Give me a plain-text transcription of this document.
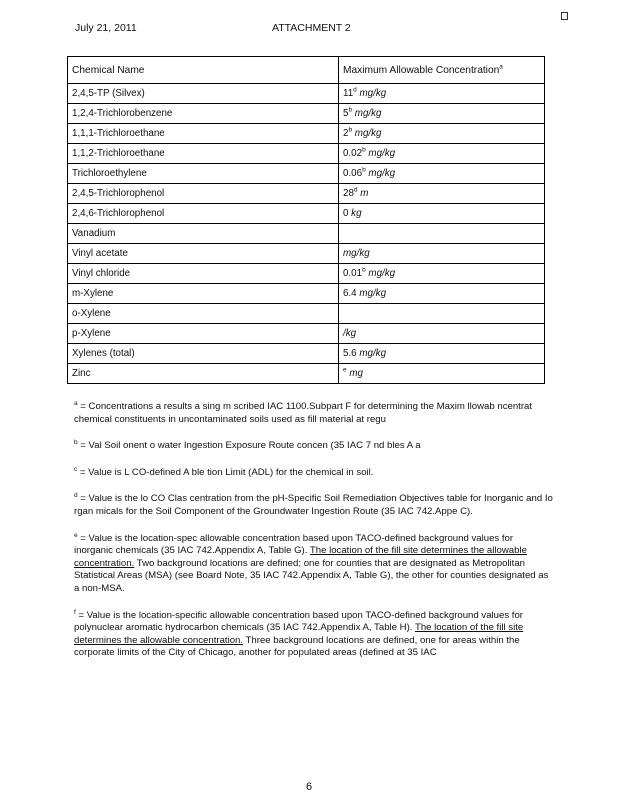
July 21, 2011	ATTACHMENT 2
Chemical Name	Maximum Allowable Concentration$^a$
2,4,5-TP (Silvex)	11$^d$ mg/kg
1,2,4-Trichlorobenzene	5$^b$ mg/kg
1,1,1-Trichloroethane	2$^b$ mg/kg
1,1,2-Trichloroethane	0.02$^b$ mg/kg
Trichloroethylene	0.06$^b$ mg/kg
2,4,5-Trichlorophenol	28$^d$ m
2,4,6-Trichlorophenol	0 kg
Vanadium	
Vinyl acetate	mg/kg
Vinyl chloride	0.01$^b$ mg/kg
m-Xylene	6.4 mg/kg
o-Xylene	
p-Xylene	/kg
Xylenes (total)	5.6 mg/kg
Zinc	$^e$ mg
$^a$ = Concentrations a results a sing m scribed IAC 1100.Subpart F for determining the Maxim llowab ncentrat chemical constituents in uncontaminated soils used as fill material at regu
$^b$ = Val Soil onent o water Ingestion Exposure Route concen (35 IAC 7 nd bles A a
$^c$ = Value is L CO-defined A ble tion Limit (ADL) for the chemical in soil.
$^d$ = Value is the lo CO Clas centration from the pH-Specific Soil Remediation Objectives table for Inorganic and Io rgan micals for the Soil Component of the Groundwater Ingestion Route (35 IAC 742.Appe C).
$^e$ = Value is the location-spec allowable concentration based upon TACO-defined background values for inorganic chemicals (35 IAC 742.Appendix A, Table G). The location of the fill site determines the allowable concentration. Two background locations are defined; one for counties that are designated as Metropolitan Statistical Areas (MSA) (see Board Note, 35 IAC 742.Appendix A, Table G), the other for counties designated as a non-MSA.
$^f$ = Value is the location-specific allowable concentration based upon TACO-defined background values for polynuclear aromatic hydrocarbon chemicals (35 IAC 742.Appendix A, Table H). The location of the fill site determines the allowable concentration. Three background locations are defined, one for areas within the corporate limits of the City of Chicago, another for populated areas (defined at 35 IAC
6
